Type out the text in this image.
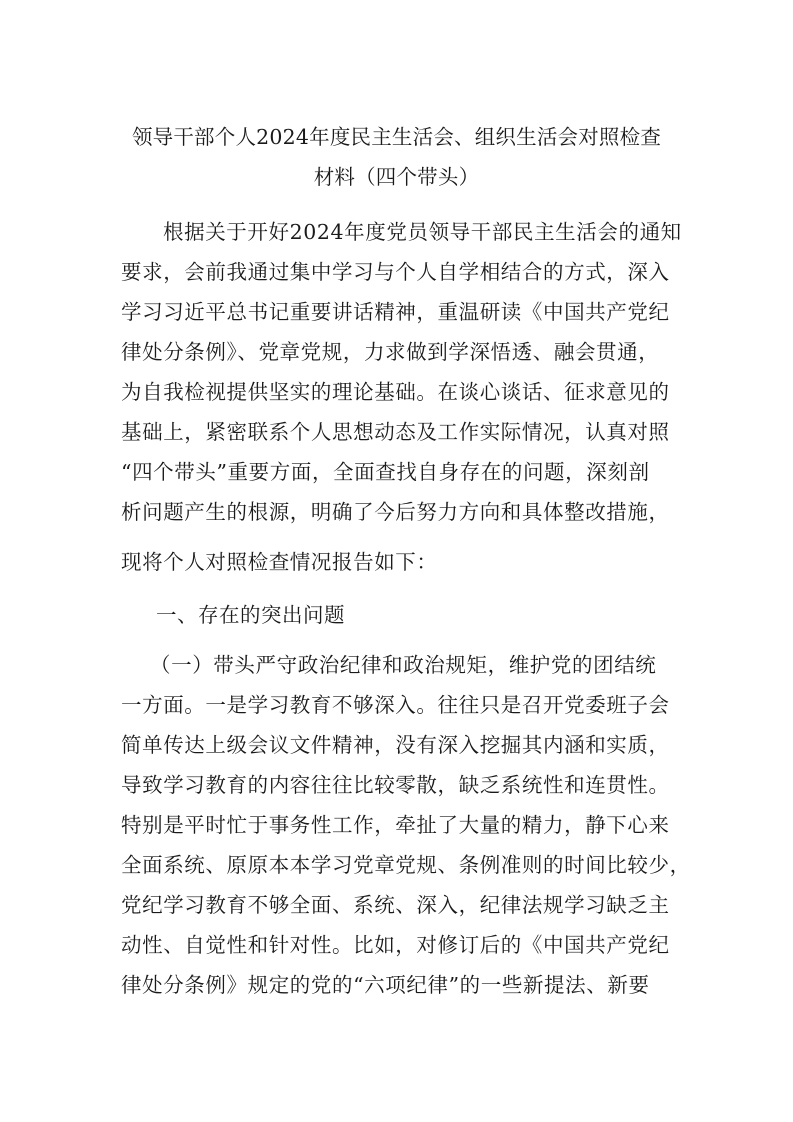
领导干部个人2024年度民主生活会、组织生活会对照检查
材料（四个带头）
根据关于开好2024年度党员领导干部民主生活会的通知
要求，会前我通过集中学习与个人自学相结合的方式，深入
学习习近平总书记重要讲话精神，重温研读《中国共产党纪
律处分条例》、党章党规，力求做到学深悟透、融会贯通，
为自我检视提供坚实的理论基础。在谈心谈话、征求意见的
基础上，紧密联系个人思想动态及工作实际情况，认真对照
“四个带头”重要方面，全面查找自身存在的问题，深刻剖
析问题产生的根源，明确了今后努力方向和具体整改措施，
现将个人对照检查情况报告如下：
一、存在的突出问题
（一）带头严守政治纪律和政治规矩，维护党的团结统
一方面。一是学习教育不够深入。往往只是召开党委班子会
简单传达上级会议文件精神，没有深入挖掘其内涵和实质，
导致学习教育的内容往往比较零散，缺乏系统性和连贯性。
特别是平时忙于事务性工作，牵扯了大量的精力，静下心来
全面系统、原原本本学习党章党规、条例准则的时间比较少，
党纪学习教育不够全面、系统、深入，纪律法规学习缺乏主
动性、自觉性和针对性。比如，对修订后的《中国共产党纪
律处分条例》规定的党的“六项纪律”的一些新提法、新要
